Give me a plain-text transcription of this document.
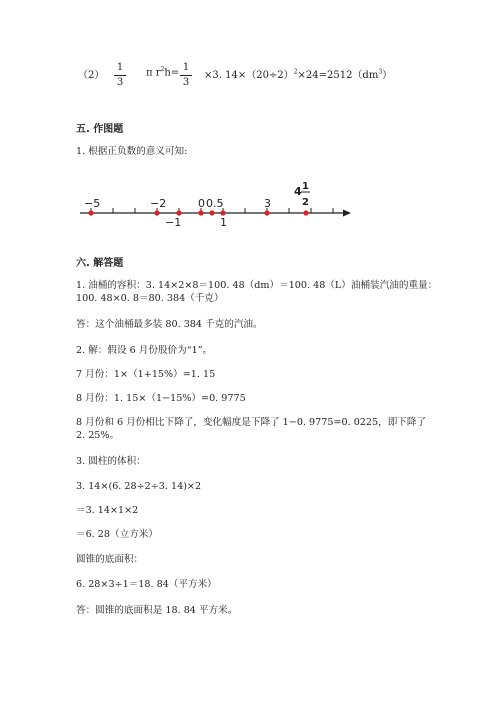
（2）
1
3
π $r^2h= 1$
3
×3. $14\times(20\div 2)^2\times 24=2512(dm^3)$
五. 作图题
1. 根据正负数的意义可知:
−5	−2	0 0.5	3
4 1
2
−1	1
六. 解答题
1. 油桶的容积：3. 14×2×8＝100. 48（dm）＝100. 48（L）油桶装汽油的重量：
100. 48×0. 8＝80. 384（千克）
答：这个油桶最多装 80. 384 千克的汽油。
2. 解：假设 6 月份股价为“1”。
7 月份：1×（1+15%）=1. 15
8 月份：1. 15×（1−15%）=0. 9775
8 月份和 6 月份相比下降了，变化幅度是下降了 1−0. 9775=0. 0225，即下降了
2. 25%。
3. 圆柱的体积：
3. 14×(6. 28÷2÷3. 14)×2
＝3. 14×1×2
＝6. 28（立方米）
圆锥的底面积：
6. 28×3÷1＝18. 84（平方米）
答：圆锥的底面积是 18. 84 平方米。
